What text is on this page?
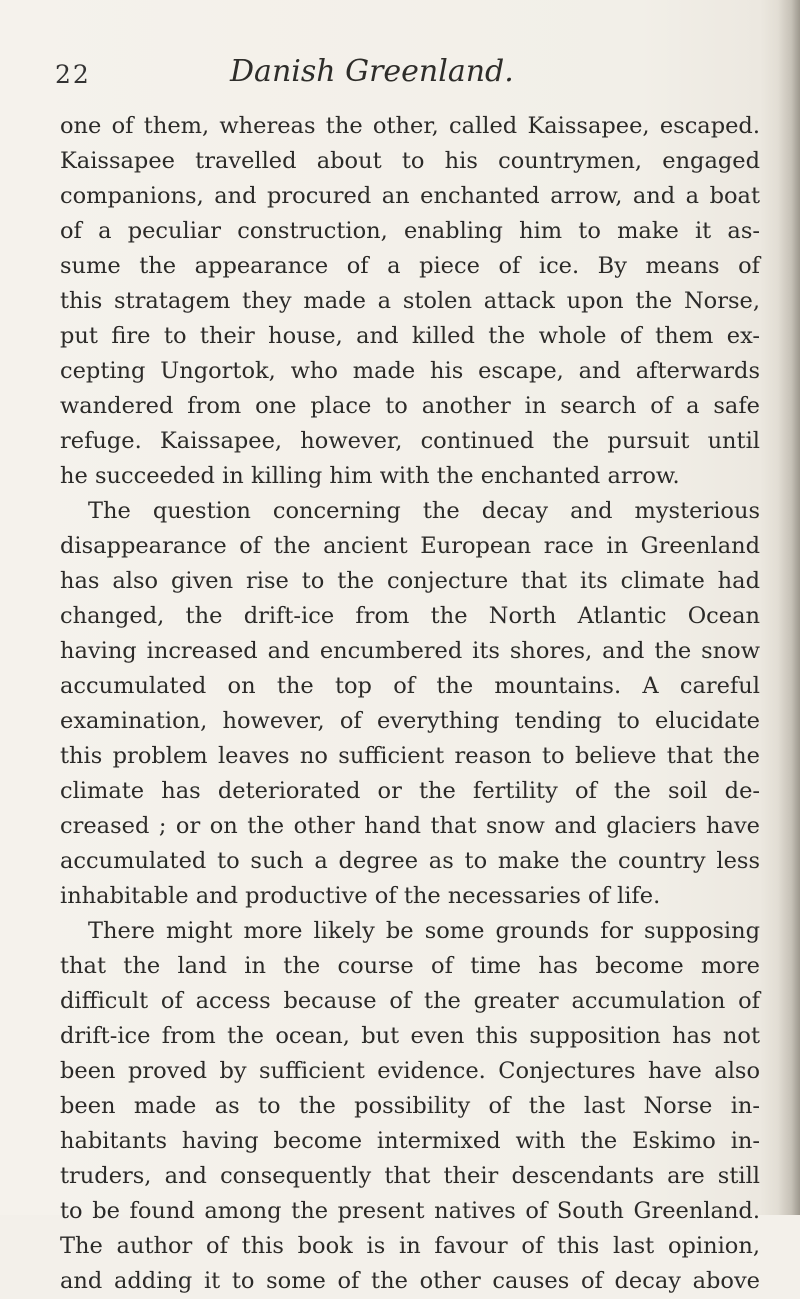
22	Danish Greenland.
one of them, whereas the other, called Kaissapee, escaped.
Kaissapee travelled about to his countrymen, engaged
companions, and procured an enchanted arrow, and a boat
of a peculiar construction, enabling him to make it as-
sume the appearance of a piece of ice. By means of
this stratagem they made a stolen attack upon the Norse,
put fire to their house, and killed the whole of them ex-
cepting Ungortok, who made his escape, and afterwards
wandered from one place to another in search of a safe
refuge. Kaissapee, however, continued the pursuit until
he succeeded in killing him with the enchanted arrow.
The question concerning the decay and mysterious
disappearance of the ancient European race in Greenland
has also given rise to the conjecture that its climate had
changed, the drift-ice from the North Atlantic Ocean
having increased and encumbered its shores, and the snow
accumulated on the top of the mountains. A careful
examination, however, of everything tending to elucidate
this problem leaves no sufficient reason to believe that the
climate has deteriorated or the fertility of the soil de-
creased ; or on the other hand that snow and glaciers have
accumulated to such a degree as to make the country less
inhabitable and productive of the necessaries of life.
There might more likely be some grounds for supposing
that the land in the course of time has become more
difficult of access because of the greater accumulation of
drift-ice from the ocean, but even this supposition has not
been proved by sufficient evidence. Conjectures have also
been made as to the possibility of the last Norse in-
habitants having become intermixed with the Eskimo in-
truders, and consequently that their descendants are still
to be found among the present natives of South Greenland.
The author of this book is in favour of this last opinion,
and adding it to some of the other causes of decay above
